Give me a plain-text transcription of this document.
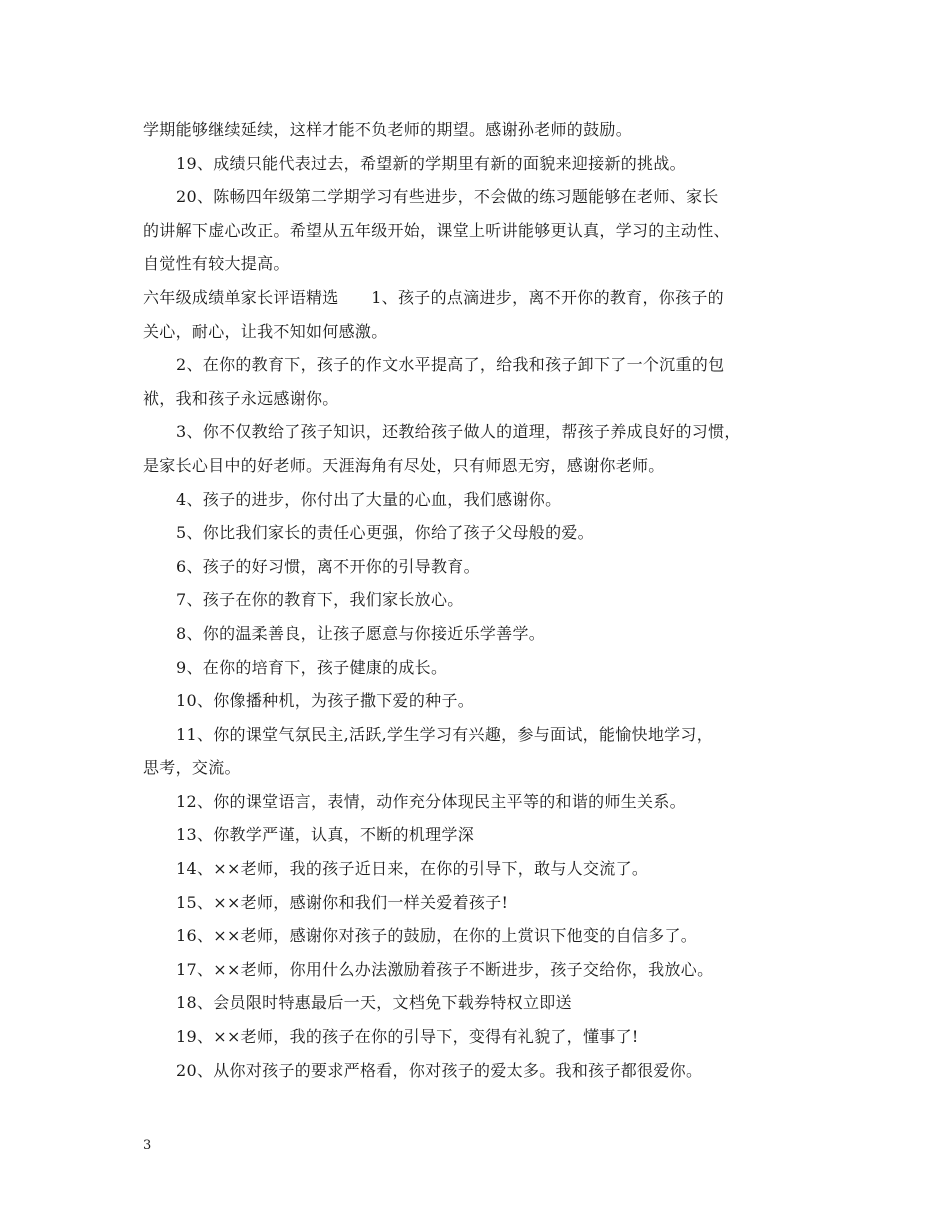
学期能够继续延续，这样才能不负老师的期望。感谢孙老师的鼓励。
19、成绩只能代表过去，希望新的学期里有新的面貌来迎接新的挑战。
20、陈畅四年级第二学期学习有些进步，不会做的练习题能够在老师、家长
的讲解下虚心改正。希望从五年级开始，课堂上听讲能够更认真，学习的主动性、
自觉性有较大提高。
六年级成绩单家长评语精选　　1、孩子的点滴进步，离不开你的教育，你孩子的
关心，耐心，让我不知如何感激。
2、在你的教育下，孩子的作文水平提高了，给我和孩子卸下了一个沉重的包
袱，我和孩子永远感谢你。
3、你不仅教给了孩子知识，还教给孩子做人的道理，帮孩子养成良好的习惯，
是家长心目中的好老师。天涯海角有尽处，只有师恩无穷，感谢你老师。
4、孩子的进步，你付出了大量的心血，我们感谢你。
5、你比我们家长的责任心更强，你给了孩子父母般的爱。
6、孩子的好习惯，离不开你的引导教育。
7、孩子在你的教育下，我们家长放心。
8、你的温柔善良，让孩子愿意与你接近乐学善学。
9、在你的培育下，孩子健康的成长。
10、你像播种机，为孩子撒下爱的种子。
11、你的课堂气氛民主,活跃,学生学习有兴趣，参与面试，能愉快地学习，
思考，交流。
12、你的课堂语言，表情，动作充分体现民主平等的和谐的师生关系。
13、你教学严谨，认真，不断的机理学深
14、××老师，我的孩子近日来，在你的引导下，敢与人交流了。
15、××老师，感谢你和我们一样关爱着孩子!
16、××老师，感谢你对孩子的鼓励，在你的上赏识下他变的自信多了。
17、××老师，你用什么办法激励着孩子不断进步，孩子交给你，我放心。
18、会员限时特惠最后一天，文档免下载券特权立即送
19、××老师，我的孩子在你的引导下，变得有礼貌了，懂事了!
20、从你对孩子的要求严格看，你对孩子的爱太多。我和孩子都很爱你。
3
